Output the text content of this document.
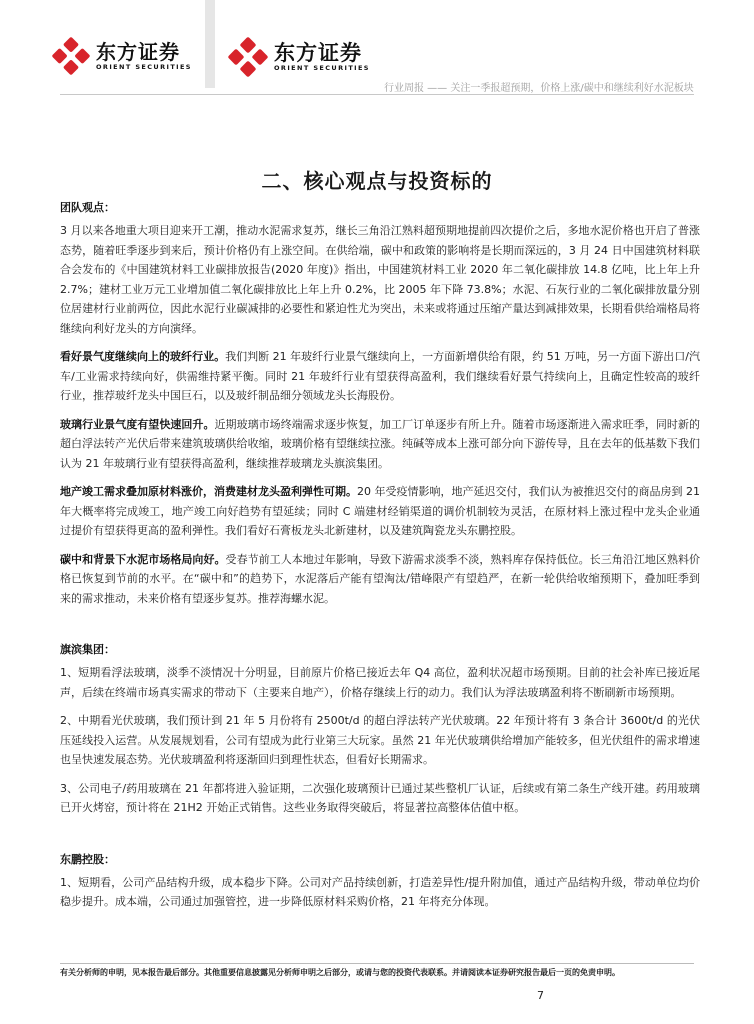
东方证券
ORIENT SECURITIES
东方证券
ORIENT SECURITIES
行业周报 —— 关注一季报超预期，价格上涨/碳中和继续利好水泥板块
二、核心观点与投资标的
团队观点：

3 月以来各地重大项目迎来开工潮，推动水泥需求复苏，继长三角沿江熟料超预期地提前四次提价之后，多地水泥价格也开启了普涨态势，随着旺季逐步到来后，预计价格仍有上涨空间。在供给端，碳中和政策的影响将是长期而深远的，3 月 24 日中国建筑材料联合会发布的《中国建筑材料工业碳排放报告(2020 年度)》指出，中国建筑材料工业 2020 年二氧化碳排放 14.8 亿吨，比上年上升 2.7%；建材工业万元工业增加值二氧化碳排放比上年上升 0.2%，比 2005 年下降 73.8%；水泥、石灰行业的二氧化碳排放量分别位居建材行业前两位，因此水泥行业碳减排的必要性和紧迫性尤为突出，未来或将通过压缩产量达到减排效果，长期看供给端格局将继续向利好龙头的方向演绎。

看好景气度继续向上的玻纤行业。我们判断 21 年玻纤行业景气继续向上，一方面新增供给有限，约 51 万吨，另一方面下游出口/汽车/工业需求持续向好，供需维持紧平衡。同时 21 年玻纤行业有望获得高盈利，我们继续看好景气持续向上，且确定性较高的玻纤行业，推荐玻纤龙头中国巨石，以及玻纤制品细分领域龙头长海股份。

玻璃行业景气度有望快速回升。近期玻璃市场终端需求逐步恢复，加工厂订单逐步有所上升。随着市场逐渐进入需求旺季，同时新的超白浮法转产光伏后带来建筑玻璃供给收缩，玻璃价格有望继续拉涨。纯碱等成本上涨可部分向下游传导，且在去年的低基数下我们认为 21 年玻璃行业有望获得高盈利，继续推荐玻璃龙头旗滨集团。

地产竣工需求叠加原材料涨价，消费建材龙头盈利弹性可期。20 年受疫情影响，地产延迟交付，我们认为被推迟交付的商品房到 21 年大概率将完成竣工，地产竣工向好趋势有望延续；同时 C 端建材经销渠道的调价机制较为灵活，在原材料上涨过程中龙头企业通过提价有望获得更高的盈利弹性。我们看好石膏板龙头北新建材，以及建筑陶瓷龙头东鹏控股。

碳中和背景下水泥市场格局向好。受春节前工人本地过年影响，导致下游需求淡季不淡，熟料库存保持低位。长三角沿江地区熟料价格已恢复到节前的水平。在“碳中和”的趋势下，水泥落后产能有望淘汰/错峰限产有望趋严，在新一轮供给收缩预期下，叠加旺季到来的需求推动，未来价格有望逐步复苏。推荐海螺水泥。

旗滨集团：

1、短期看浮法玻璃，淡季不淡情况十分明显，目前原片价格已接近去年 Q4 高位，盈利状况超市场预期。目前的社会补库已接近尾声，后续在终端市场真实需求的带动下（主要来自地产），价格存继续上行的动力。我们认为浮法玻璃盈利将不断刷新市场预期。

2、中期看光伏玻璃，我们预计到 21 年 5 月份将有 2500t/d 的超白浮法转产光伏玻璃。22 年预计将有 3 条合计 3600t/d 的光伏压延线投入运营。从发展规划看，公司有望成为此行业第三大玩家。虽然 21 年光伏玻璃供给增加产能较多，但光伏组件的需求增速也呈快速发展态势。光伏玻璃盈利将逐渐回归到理性状态，但看好长期需求。

3、公司电子/药用玻璃在 21 年都将进入验证期，二次强化玻璃预计已通过某些整机厂认证，后续或有第二条生产线开建。药用玻璃已开火烤窑，预计将在 21H2 开始正式销售。这些业务取得突破后，将显著拉高整体估值中枢。

东鹏控股：

1、短期看，公司产品结构升级，成本稳步下降。公司对产品持续创新，打造差异性/提升附加值，通过产品结构升级，带动单位均价稳步提升。成本端，公司通过加强管控，进一步降低原材料采购价格，21 年将充分体现。

有关分析师的申明，见本报告最后部分。其他重要信息披露见分析师申明之后部分，或请与您的投资代表联系。并请阅读本证券研究报告最后一页的免责申明。
7
